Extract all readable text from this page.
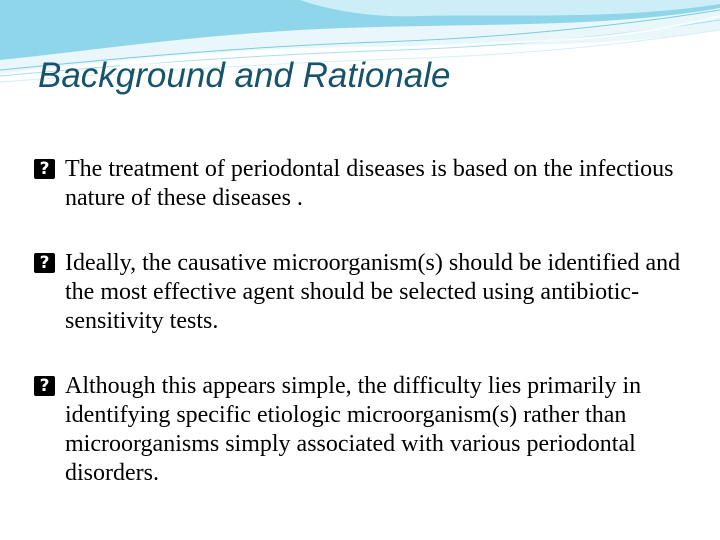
Background and Rationale
? The treatment of periodontal diseases is based on the infectious nature of these diseases .
? Ideally, the causative microorganism(s) should be identified and the most effective agent should be selected using antibiotic-sensitivity tests.
? Although this appears simple, the difficulty lies primarily in identifying specific etiologic microorganism(s) rather than microorganisms simply associated with various periodontal disorders.
